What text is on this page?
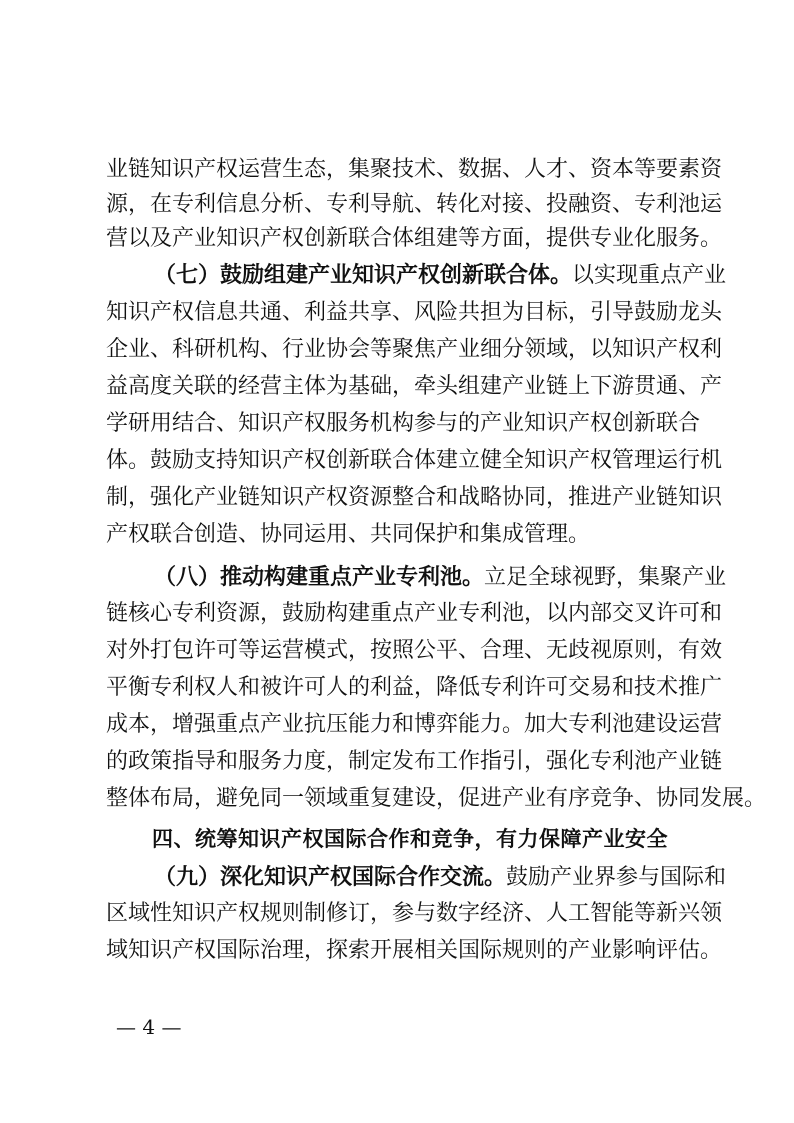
业链知识产权运营生态，集聚技术、数据、人才、资本等要素资
源，在专利信息分析、专利导航、转化对接、投融资、专利池运
营以及产业知识产权创新联合体组建等方面，提供专业化服务。
（七）鼓励组建产业知识产权创新联合体。以实现重点产业
知识产权信息共通、利益共享、风险共担为目标，引导鼓励龙头
企业、科研机构、行业协会等聚焦产业细分领域，以知识产权利
益高度关联的经营主体为基础，牵头组建产业链上下游贯通、产
学研用结合、知识产权服务机构参与的产业知识产权创新联合
体。鼓励支持知识产权创新联合体建立健全知识产权管理运行机
制，强化产业链知识产权资源整合和战略协同，推进产业链知识
产权联合创造、协同运用、共同保护和集成管理。
（八）推动构建重点产业专利池。立足全球视野，集聚产业
链核心专利资源，鼓励构建重点产业专利池，以内部交叉许可和
对外打包许可等运营模式，按照公平、合理、无歧视原则，有效
平衡专利权人和被许可人的利益，降低专利许可交易和技术推广
成本，增强重点产业抗压能力和博弈能力。加大专利池建设运营
的政策指导和服务力度，制定发布工作指引，强化专利池产业链
整体布局，避免同一领域重复建设，促进产业有序竞争、协同发展。
四、统筹知识产权国际合作和竞争，有力保障产业安全
（九）深化知识产权国际合作交流。鼓励产业界参与国际和
区域性知识产权规则制修订，参与数字经济、人工智能等新兴领
域知识产权国际治理，探索开展相关国际规则的产业影响评估。
— 4 —
